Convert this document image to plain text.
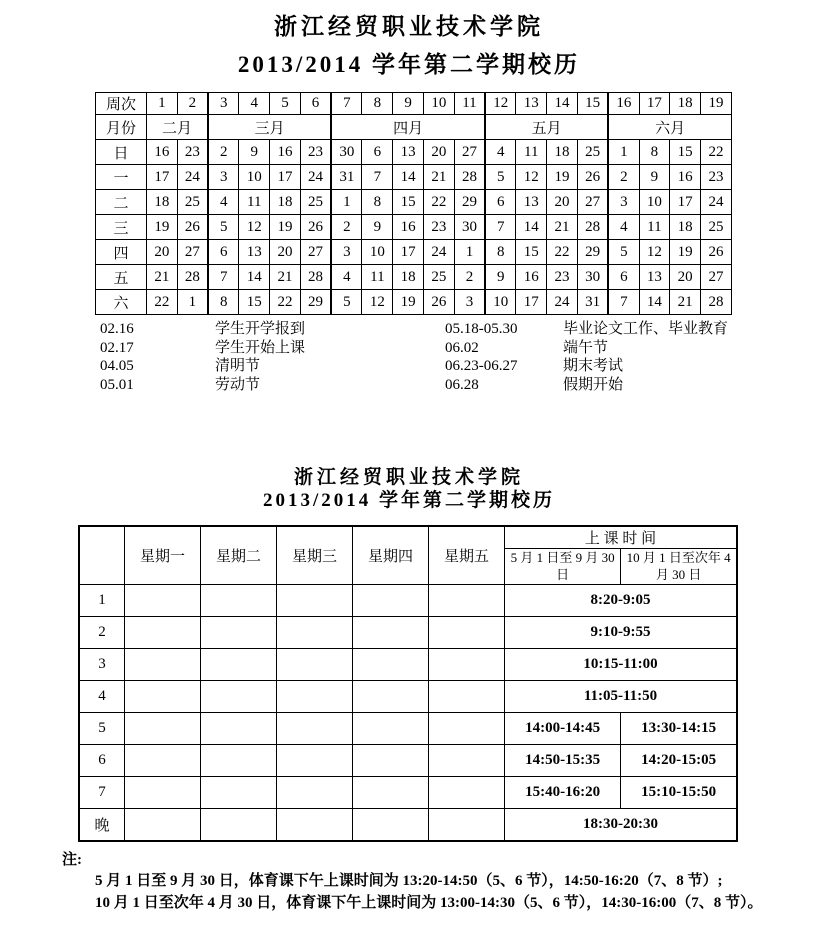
浙江经贸职业技术学院
2013/2014 学年第二学期校历
周次	1	2	3	4	5	6	7	8	9	10	11	12	13	14	15	16	17	18	19
月份	二月		三月				四月					五月				六月			
日	16	23	2	9	16	23	30	6	13	20	27	4	11	18	25	1	8	15	22
一	17	24	3	10	17	24	31	7	14	21	28	5	12	19	26	2	9	16	23
二	18	25	4	11	18	25	1	8	15	22	29	6	13	20	27	3	10	17	24
三	19	26	5	12	19	26	2	9	16	23	30	7	14	21	28	4	11	18	25
四	20	27	6	13	20	27	3	10	17	24	1	8	15	22	29	5	12	19	26
五	21	28	7	14	21	28	4	11	18	25	2	9	16	23	30	6	13	20	27
六	22	1	8	15	22	29	5	12	19	26	3	10	17	24	31	7	14	21	28
02.16	学生开学报到	05.18-05.30	毕业论文工作、毕业教育
02.17	学生开始上课	06.02	端午节
04.05	清明节	06.23-06.27	期末考试
05.01	劳动节	06.28	假期开始
浙江经贸职业技术学院
2013/2014 学年第二学期校历
	星期一	星期二	星期三	星期四	星期五	上 课 时 间	
						5 月 1 日至 9 月 30 日	10 月 1 日至次年 4 月 30 日
1						8:20-9:05	
2						9:10-9:55	
3						10:15-11:00	
4						11:05-11:50	
5						14:00-14:45	13:30-14:15
6						14:50-15:35	14:20-15:05
7						15:40-16:20	15:10-15:50
晚						18:30-20:30	
注:
5 月 1 日至 9 月 30 日，体育课下午上课时间为 13:20-14:50（5、6 节），14:50-16:20（7、8 节）;
10 月 1 日至次年 4 月 30 日，体育课下午上课时间为 13:00-14:30（5、6 节），14:30-16:00（7、8 节）。
